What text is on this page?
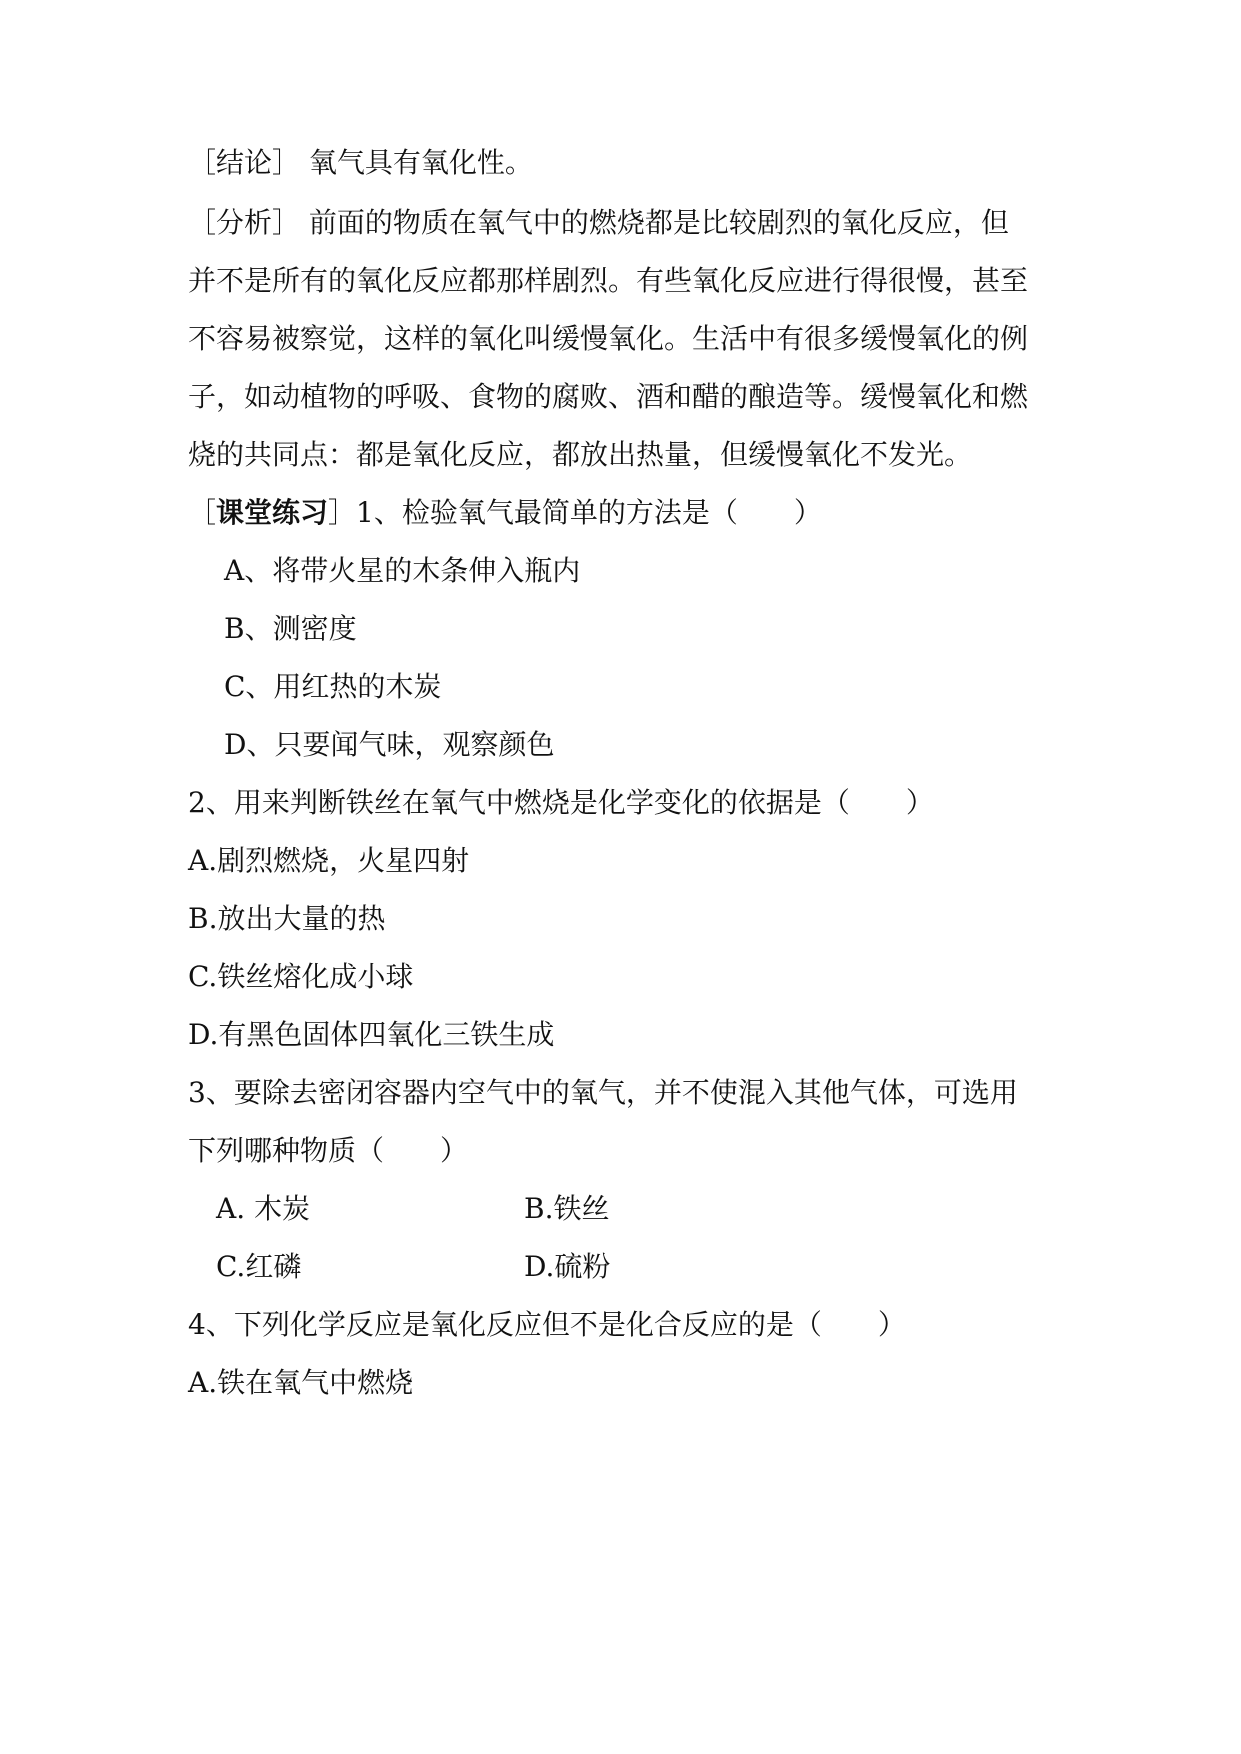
［结论］ 氧气具有氧化性。
［分析］ 前面的物质在氧气中的燃烧都是比较剧烈的氧化反应，但
并不是所有的氧化反应都那样剧烈。有些氧化反应进行得很慢，甚至
不容易被察觉，这样的氧化叫缓慢氧化。生活中有很多缓慢氧化的例
子，如动植物的呼吸、食物的腐败、酒和醋的酿造等。缓慢氧化和燃
烧的共同点：都是氧化反应，都放出热量，但缓慢氧化不发光。
［课堂练习］1、检验氧气最简单的方法是（　　）
A、将带火星的木条伸入瓶内
B、测密度
C、用红热的木炭
D、只要闻气味，观察颜色
2、用来判断铁丝在氧气中燃烧是化学变化的依据是（　　）
A.剧烈燃烧，火星四射
B.放出大量的热
C.铁丝熔化成小球
D.有黑色固体四氧化三铁生成
3、要除去密闭容器内空气中的氧气，并不使混入其他气体，可选用
下列哪种物质（　　）
A. 木炭	B.铁丝
C.红磷	D.硫粉
4、下列化学反应是氧化反应但不是化合反应的是（　　）
A.铁在氧气中燃烧
